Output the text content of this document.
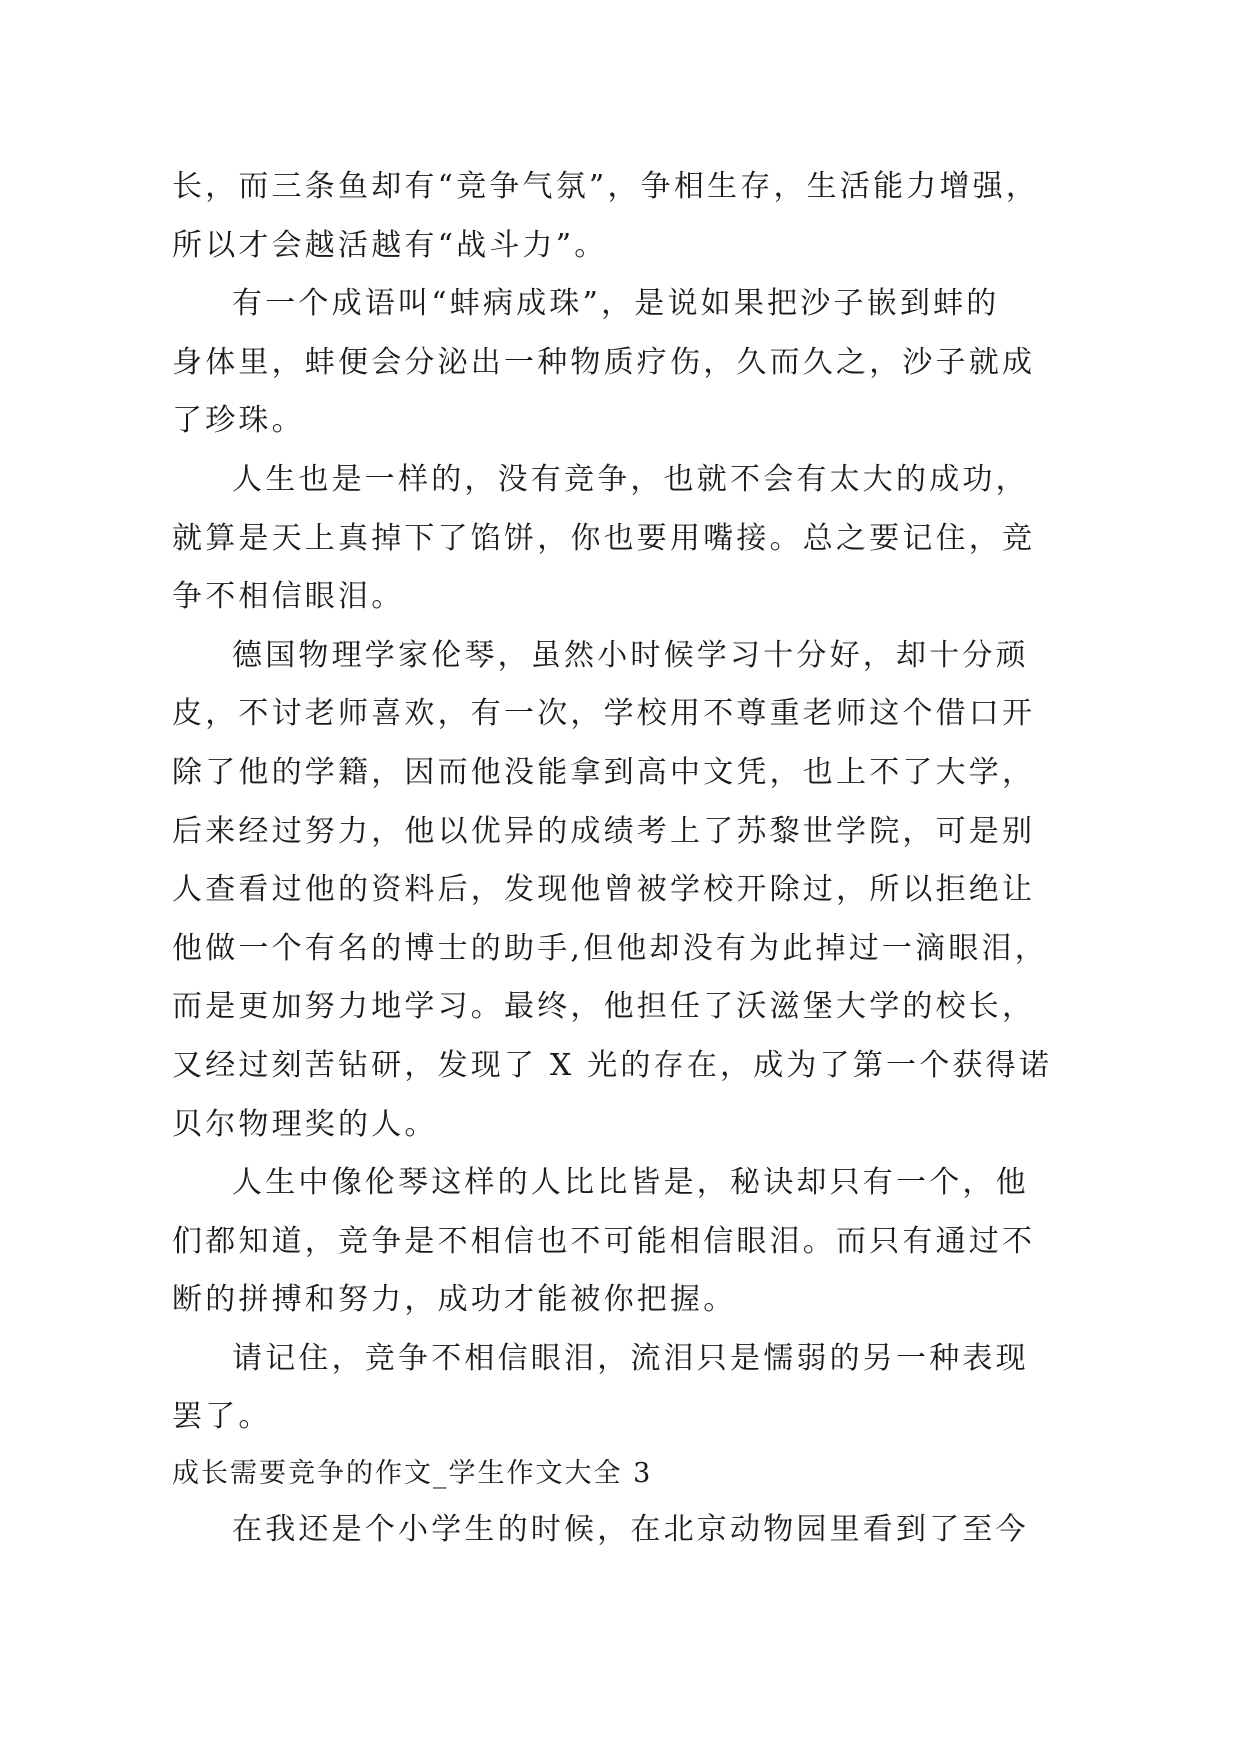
长，而三条鱼却有“竞争气氛”，争相生存，生活能力增强，
所以才会越活越有“战斗力”。
有一个成语叫“蚌病成珠”，是说如果把沙子嵌到蚌的
身体里，蚌便会分泌出一种物质疗伤，久而久之，沙子就成
了珍珠。
人生也是一样的，没有竞争，也就不会有太大的成功，
就算是天上真掉下了馅饼，你也要用嘴接。总之要记住，竞
争不相信眼泪。
德国物理学家伦琴，虽然小时候学习十分好，却十分顽
皮，不讨老师喜欢，有一次，学校用不尊重老师这个借口开
除了他的学籍，因而他没能拿到高中文凭，也上不了大学，
后来经过努力，他以优异的成绩考上了苏黎世学院，可是别
人查看过他的资料后，发现他曾被学校开除过，所以拒绝让
他做一个有名的博士的助手,但他却没有为此掉过一滴眼泪，
而是更加努力地学习。最终，他担任了沃滋堡大学的校长，
又经过刻苦钻研，发现了 X 光的存在，成为了第一个获得诺
贝尔物理奖的人。
人生中像伦琴这样的人比比皆是，秘诀却只有一个，他
们都知道，竞争是不相信也不可能相信眼泪。而只有通过不
断的拼搏和努力，成功才能被你把握。
请记住，竞争不相信眼泪，流泪只是懦弱的另一种表现
罢了。
成长需要竞争的作文_学生作文大全 3
在我还是个小学生的时候，在北京动物园里看到了至今
